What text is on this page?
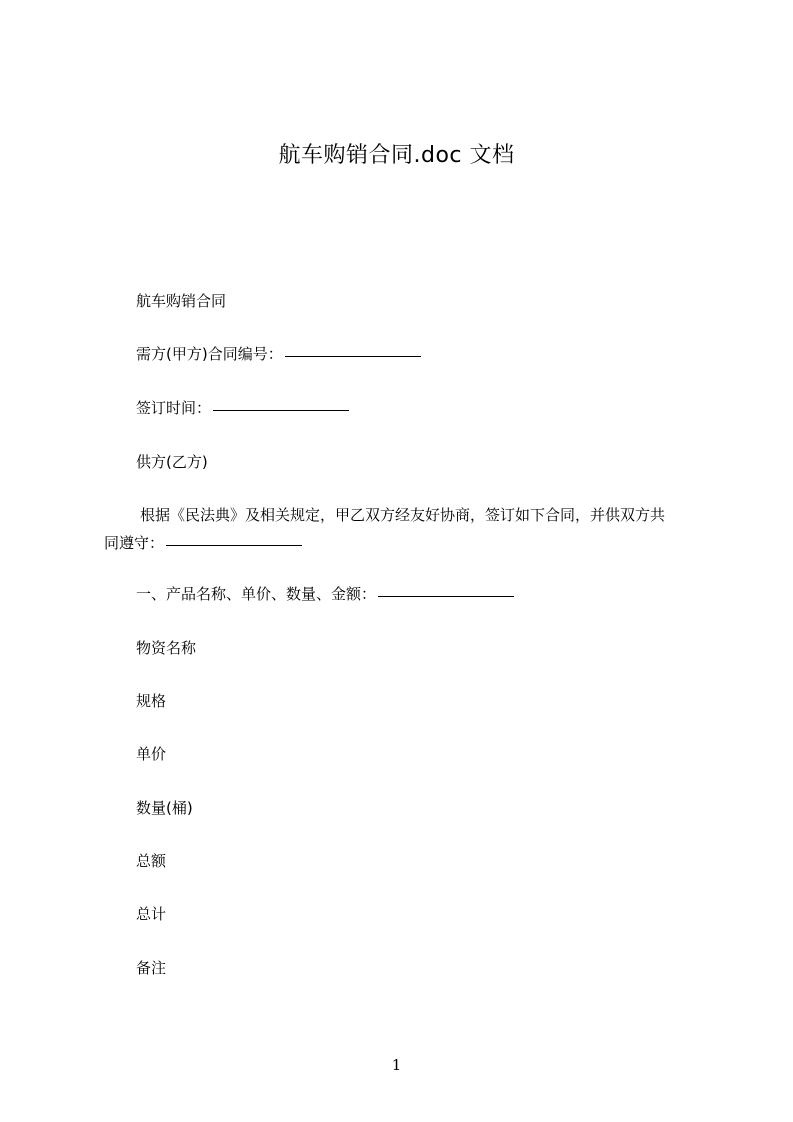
航车购销合同.doc 文档
航车购销合同
需方(甲方)合同编号：
签订时间：
供方(乙方)
根据《民法典》及相关规定，甲乙双方经友好协商，签订如下合同，并供双方共
同遵守：
一、产品名称、单价、数量、金额：
物资名称
规格
单价
数量(桶)
总额
总计
备注
1
